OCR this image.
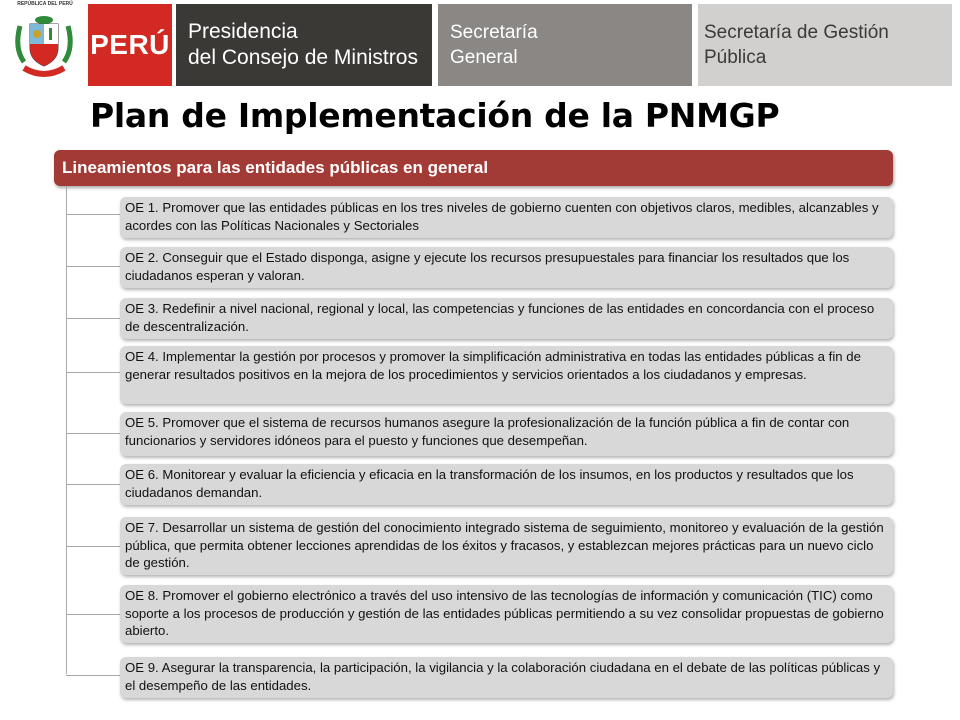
REPÚBLICA DEL PERÚ
PERÚ Presidencia
del Consejo de Ministros
Secretaría
General
Secretaría de Gestión
Pública
Plan de Implementación de la PNMGP
Lineamientos para las entidades públicas en general
OE 1. Promover que las entidades públicas en los tres niveles de gobierno cuenten con objetivos claros, medibles, alcanzables y acordes con las Políticas Nacionales y Sectoriales
OE 2. Conseguir que el Estado disponga, asigne y ejecute los recursos presupuestales para financiar los resultados que los ciudadanos esperan y valoran.
OE 3. Redefinir a nivel nacional, regional y local, las competencias y funciones de las entidades en concordancia con el proceso de descentralización.
OE 4. Implementar la gestión por procesos y promover la simplificación administrativa en todas las entidades públicas a fin de generar resultados positivos en la mejora de los procedimientos y servicios orientados a los ciudadanos y empresas.
OE 5. Promover que el sistema de recursos humanos asegure la profesionalización de la función pública a fin de contar con funcionarios y servidores idóneos para el puesto y funciones que desempeñan.
OE 6. Monitorear y evaluar la eficiencia y eficacia en la transformación de los insumos, en los productos y resultados que los ciudadanos demandan.
OE 7. Desarrollar un sistema de gestión del conocimiento integrado sistema de seguimiento, monitoreo y evaluación de la gestión pública, que permita obtener lecciones aprendidas de los éxitos y fracasos, y establezcan mejores prácticas para un nuevo ciclo de gestión.
OE 8. Promover el gobierno electrónico a través del uso intensivo de las tecnologías de información y comunicación (TIC) como soporte a los procesos de producción y gestión de las entidades públicas permitiendo a su vez consolidar propuestas de gobierno abierto.
OE 9. Asegurar la transparencia, la participación, la vigilancia y la colaboración ciudadana en el debate de las políticas públicas y el desempeño de las entidades.
